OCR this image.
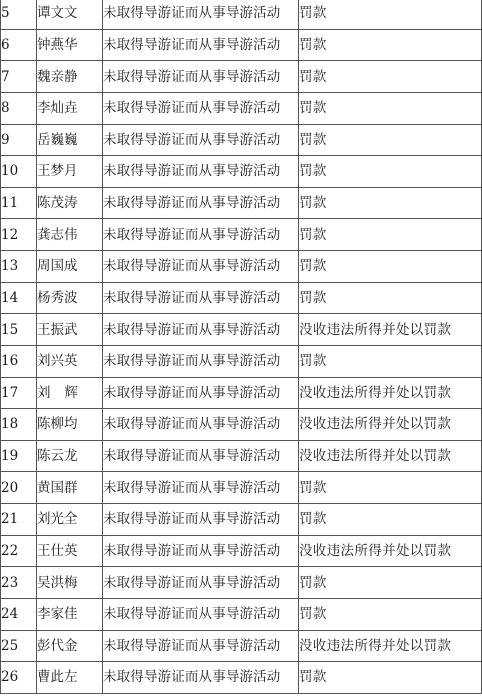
5	谭文文	未取得导游证而从事导游活动	罚款
6	钟燕华	未取得导游证而从事导游活动	罚款
7	魏亲静	未取得导游证而从事导游活动	罚款
8	李灿垚	未取得导游证而从事导游活动	罚款
9	岳巍巍	未取得导游证而从事导游活动	罚款
10	王梦月	未取得导游证而从事导游活动	罚款
11	陈茂涛	未取得导游证而从事导游活动	罚款
12	龚志伟	未取得导游证而从事导游活动	罚款
13	周国成	未取得导游证而从事导游活动	罚款
14	杨秀波	未取得导游证而从事导游活动	罚款
15	王振武	未取得导游证而从事导游活动	没收违法所得并处以罚款
16	刘兴英	未取得导游证而从事导游活动	罚款
17	刘辉	未取得导游证而从事导游活动	没收违法所得并处以罚款
18	陈柳均	未取得导游证而从事导游活动	没收违法所得并处以罚款
19	陈云龙	未取得导游证而从事导游活动	没收违法所得并处以罚款
20	黄国群	未取得导游证而从事导游活动	罚款
21	刘光全	未取得导游证而从事导游活动	罚款
22	王仕英	未取得导游证而从事导游活动	没收违法所得并处以罚款
23	吴洪梅	未取得导游证而从事导游活动	罚款
24	李家佳	未取得导游证而从事导游活动	罚款
25	彭代金	未取得导游证而从事导游活动	没收违法所得并处以罚款
26	曹此左	未取得导游证而从事导游活动	罚款
